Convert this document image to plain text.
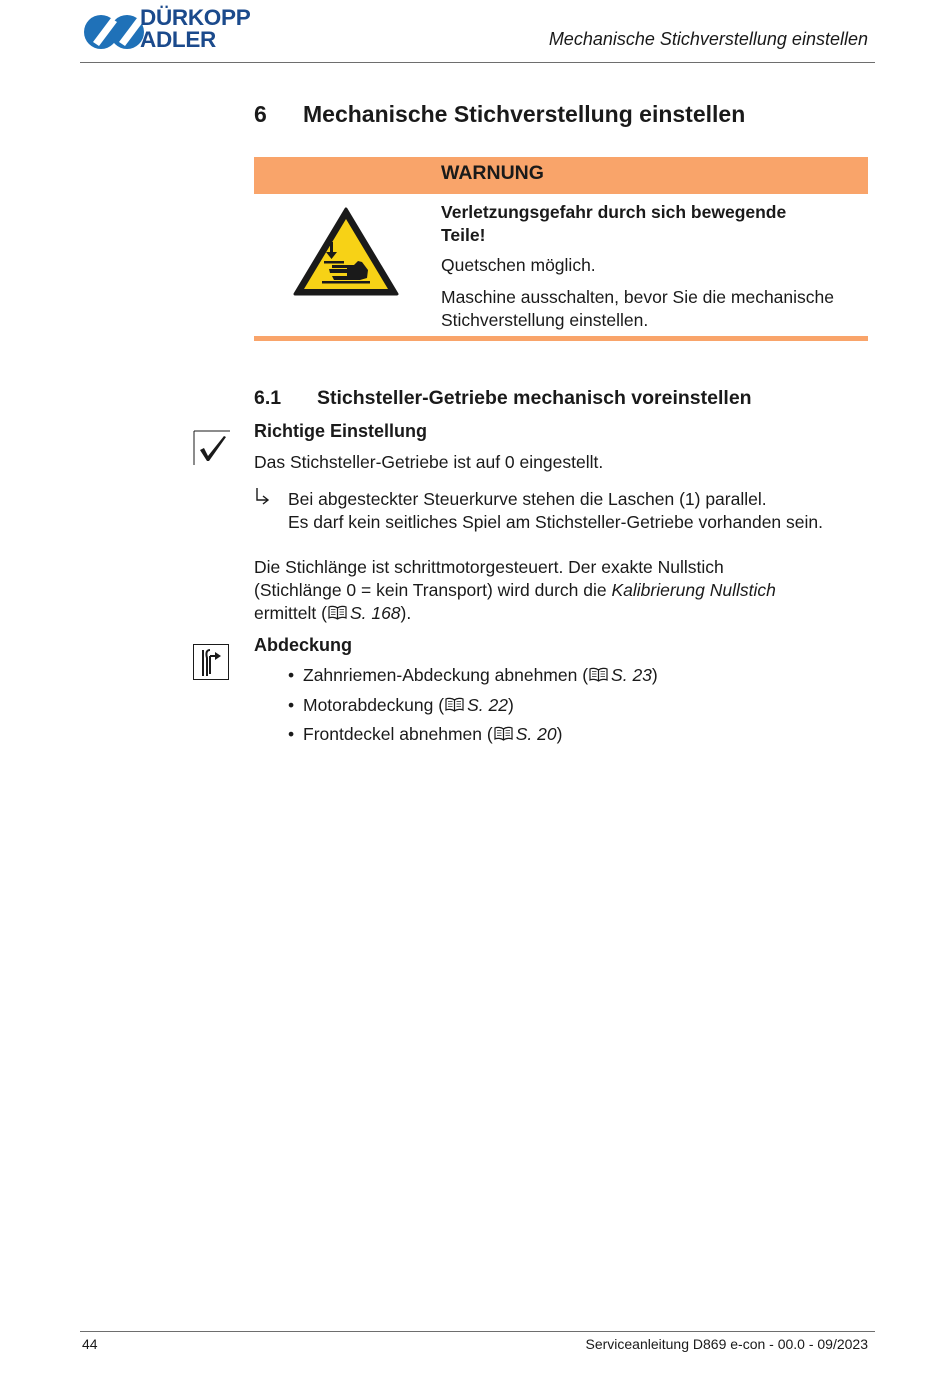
DÜRKOPP
ADLER	Mechanische Stichverstellung einstellen
6 Mechanische Stichverstellung einstellen
WARNUNG
Verletzungsgefahr durch sich bewegende
Teile!
Quetschen möglich.
Maschine ausschalten, bevor Sie die mechanische
Stichverstellung einstellen.
6.1 Stichsteller-Getriebe mechanisch voreinstellen
Richtige Einstellung
Das Stichsteller-Getriebe ist auf 0 eingestellt.
Bei abgesteckter Steuerkurve stehen die Laschen (1) parallel.
Es darf kein seitliches Spiel am Stichsteller-Getriebe vorhanden sein.
Die Stichlänge ist schrittmotorgesteuert. Der exakte Nullstich
(Stichlänge 0 = kein Transport) wird durch die Kalibrierung Nullstich
ermittelt ( S. 168).
Abdeckung
• Zahnriemen-Abdeckung abnehmen ( S. 23)
• Motorabdeckung ( S. 22)
• Frontdeckel abnehmen ( S. 20)
44	Serviceanleitung D869 e-con - 00.0 - 09/2023
